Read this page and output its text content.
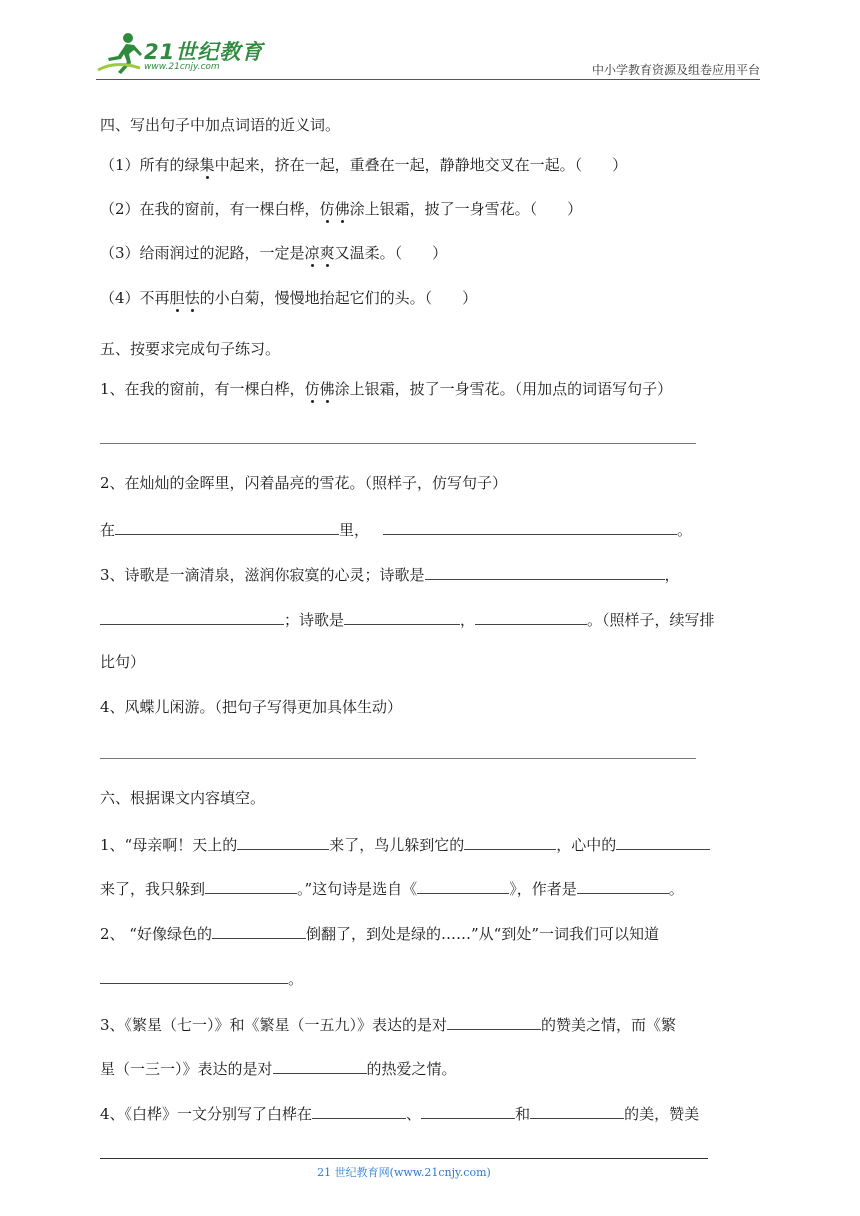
21世纪教育
www.21cnjy.com	中小学教育资源及组卷应用平台
四、写出句子中加点词语的近义词。
（1）所有的绿集中起来，挤在一起，重叠在一起，静静地交叉在一起。（　　）
（2）在我的窗前，有一棵白桦，仿佛涂上银霜，披了一身雪花。（　　）
（3）给雨润过的泥路，一定是凉爽又温柔。（　　）
（4）不再胆怯的小白菊，慢慢地抬起它们的头。（　　）
五、按要求完成句子练习。
1、在我的窗前，有一棵白桦，仿佛涂上银霜，披了一身雪花。（用加点的词语写句子）
2、在灿灿的金晖里，闪着晶亮的雪花。（照样子，仿写句子）
在	里，	。
3、诗歌是一滴清泉，滋润你寂寞的心灵；诗歌是	，
；诗歌是	，	。（照样子，续写排
比句）
4、风蝶儿闲游。（把句子写得更加具体生动）
六、根据课文内容填空。
1、“母亲啊！天上的	来了，鸟儿躲到它的	，心中的
来了，我只躲到	。”这句诗是选自《	》，作者是	。
2、 “好像绿色的	倒翻了，到处是绿的……”从“到处”一词我们可以知道
。
3、《繁星（七一）》和《繁星（一五九）》表达的是对	的赞美之情，而《繁
星（一三一）》表达的是对	的热爱之情。
4、《白桦》一文分别写了白桦在	、	和	的美，赞美
21 世纪教育网(www.21cnjy.com)
